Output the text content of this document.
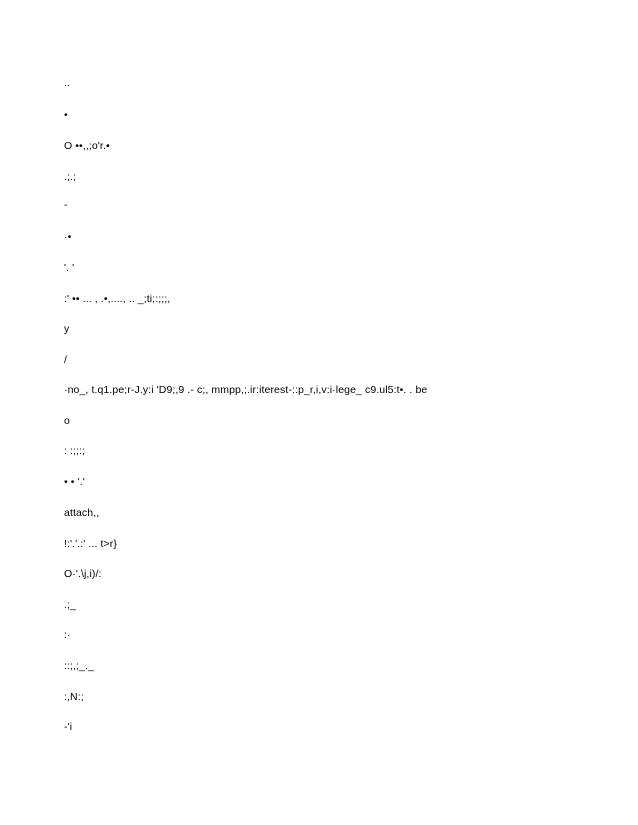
..
•
O ••,,;o'r.•
.;.;
-
·•
'. '
:' •• ... , .•,...., .. _;ti;:;;;,
y
/
·no_, t.q1.pe;r-J.y:i 'D9;,9 .- c;, mmpp,;.ir:iterest-::p_r,i,v:i·lege_ c9.ul5:t•. . be
o
: :;;:;
• • '.'
attach,,
!:'.'.:' ... t>r}
O·'.\j,i)/:
.;_
:·
::;,;_._
:,N:;
-'i
